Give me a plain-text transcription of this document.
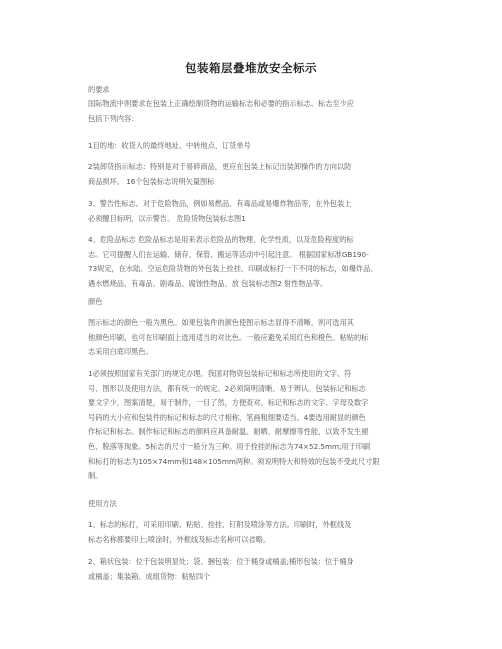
包装箱层叠堆放安全标示

的要求

国际物流中则要求在包装上正确绘制货物的运输标志和必要的指示标志。标志至少应
包括下列内容：

1目的地：收货人的最终地址、中转地点、订货单号

2装卸货指示标志：特别是对于易碎商品，更应在包装上标记出装卸操作的方向以防
商品损坏。 16个包装标志说明矢量图标

3、警告性标志。对于危险物品，例如易燃品、有毒品或易爆炸物品等，在外包装上
必须醒目标明，以示警告。 危险货物包装标志图1

4、危险品标志 危险品标志是用来表示危险品的物理、化学性质，以及危险程度的标
志。它可提醒人们在运输、储存、保管、搬运等活动中引起注意。 根据国家标准GB190-
73规定，在水陆、空运危险货物的外包装上拴挂、印刷或标打一下不同的标志，如爆炸品、
遇水燃烧品、有毒品、剧毒品、腐蚀性物品、放 包装标志图2 射性物品等。

颜色

图示标志的颜色一般为黑色。如果包装件的颜色使图示标志显得不清晰，则可选用其
他颜色印刷，也可在印刷面上选用适当的对比色。一般应避免采用红色和橙色。粘贴的标
志采用白底印黑色。

1必须按照国家有关部门的规定办理。我国对物资包装标记和标志所使用的文字、符
号、图形以及使用方法，都有统一的规定。2必须简明清晰、易于辨认。包装标记和标志
要文字少，图案清楚，易于制作，一目了然，方便查对。标记和标志的文字、字母及数字
号码的大小应和包装件的标记和标志的尺寸相称，笔画粗细要适当。4要选用耐显的颜色
作标记和标志。制作标记和标志的颜料应具备耐温、耐晒、耐摩擦等性能，以致不发生褪
色、脱落等现象。5标志的尺寸一般分为三种。用于拴挂的标志为74×52.5mm;用于印刷
和标打的标志为105×74mm和148×105mm两种。须说明特大和特效的包装不受此尺寸限
制。

使用方法

1、标志的标打，可采用印刷、粘贴、拴挂、钉附及喷涂等方法。印刷时，外框线及
标志名称都要印上;喷涂时，外框线及标志名称可以省略。

2、箱状包装：位于包装明显处；袋、捆包装：位于桶身或桶盖;桶形包装：位于桶身
或桶盖；集装箱、成组货物：粘贴四个
